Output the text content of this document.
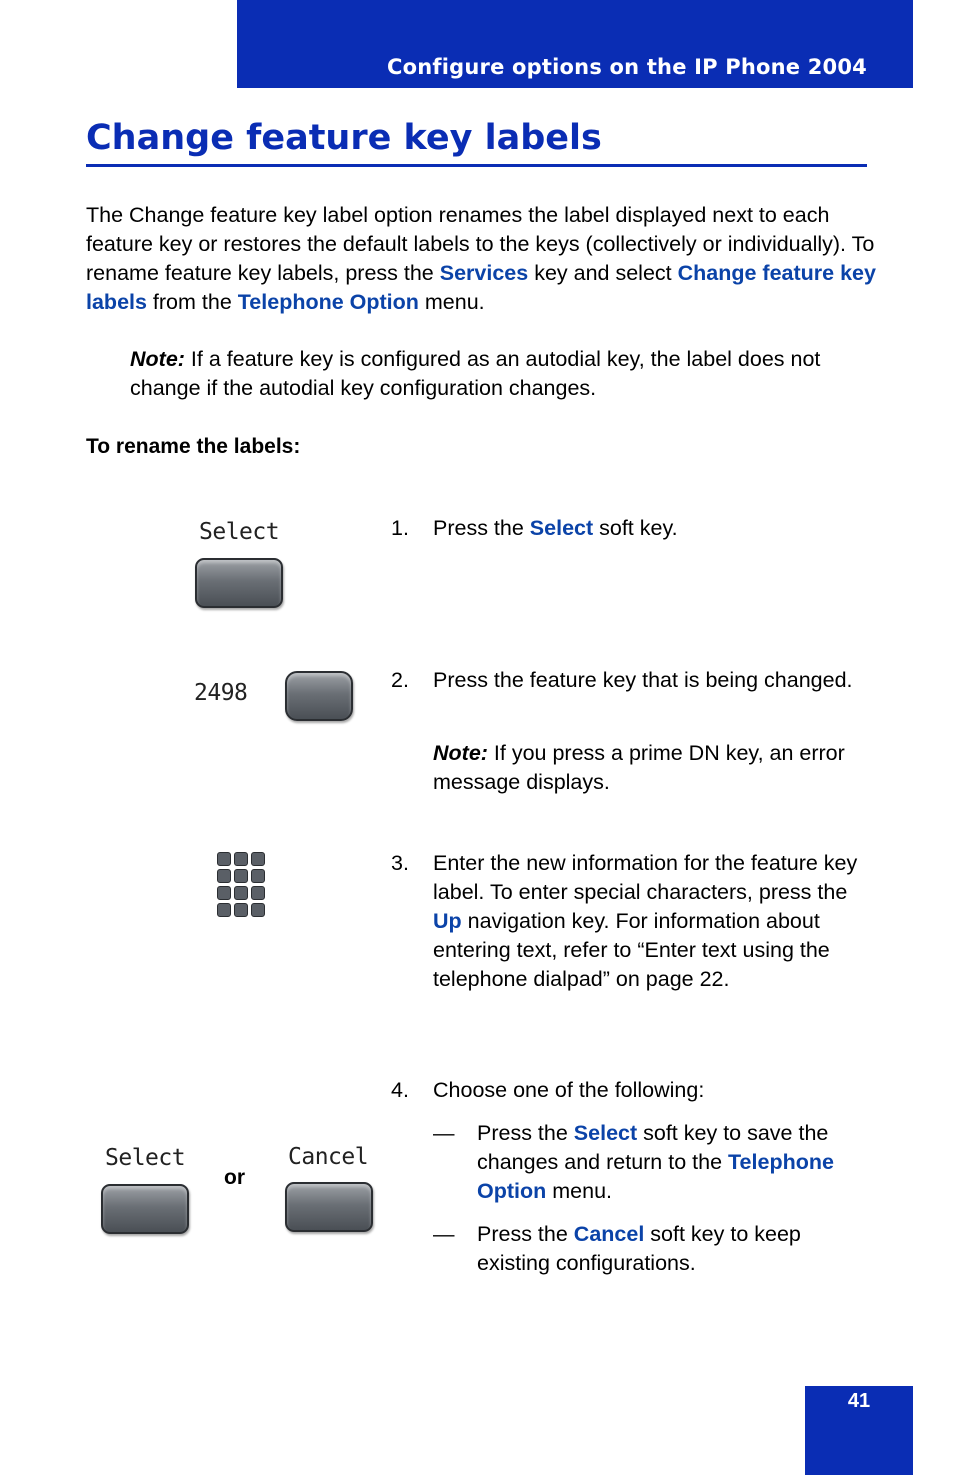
Configure options on the IP Phone 2004
Change feature key labels

The Change feature key label option renames the label displayed next to each feature key or restores the default labels to the keys (collectively or individually). To rename feature key labels, press the Services key and select Change feature key labels from the Telephone Option menu.

Note: If a feature key is configured as an autodial key, the label does not change if the autodial key configuration changes.

To rename the labels:

Select	1. Press the Select soft key.

2498	2. Press the feature key that is being changed.

Note: If you press a prime DN key, an error message displays.

3. Enter the new information for the feature key label. To enter special characters, press the Up navigation key. For information about entering text, refer to “Enter text using the telephone dialpad” on page 22.

Select
or
Cancel
4. Choose one of the following:

— Press the Select soft key to save the changes and return to the Telephone Option menu.

— Press the Cancel soft key to keep existing configurations.

41
